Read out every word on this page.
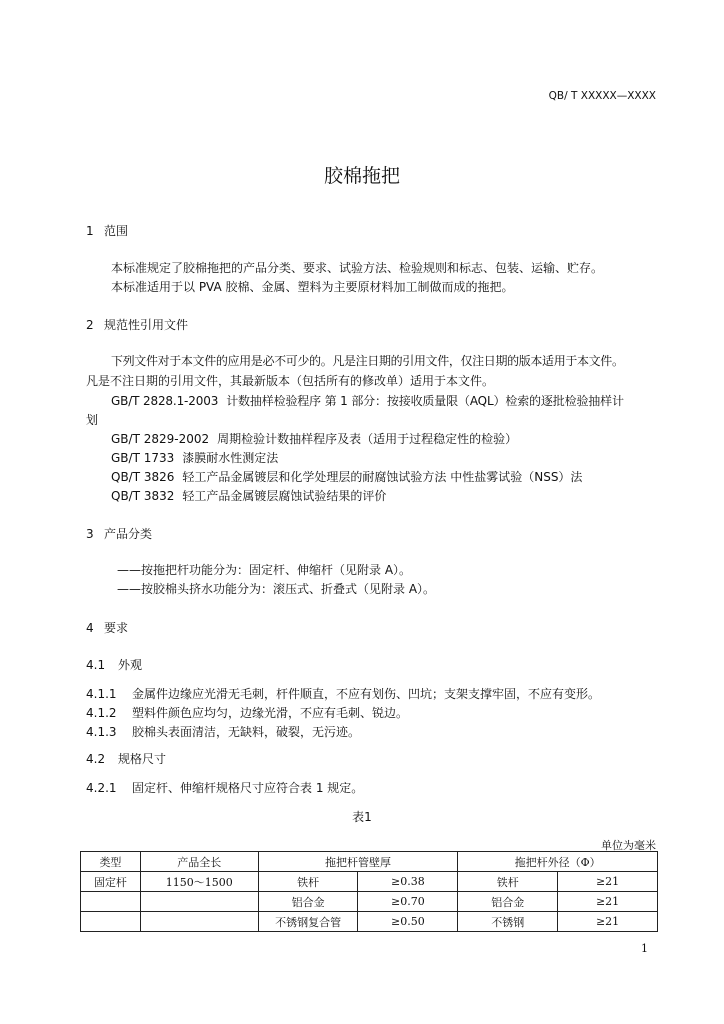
QB/ T XXXXX—XXXX
胶棉拖把
1 范围
本标准规定了胶棉拖把的产品分类、要求、试验方法、检验规则和标志、包装、运输、贮存。
本标准适用于以 PVA 胶棉、金属、塑料为主要原材料加工制做而成的拖把。
2 规范性引用文件
下列文件对于本文件的应用是必不可少的。凡是注日期的引用文件，仅注日期的版本适用于本文件。
凡是不注日期的引用文件，其最新版本（包括所有的修改单）适用于本文件。
GB/T 2828.1-2003 计数抽样检验程序 第 1 部分：按接收质量限（AQL）检索的逐批检验抽样计
划
GB/T 2829-2002 周期检验计数抽样程序及表（适用于过程稳定性的检验）
GB/T 1733 漆膜耐水性测定法
QB/T 3826 轻工产品金属镀层和化学处理层的耐腐蚀试验方法 中性盐雾试验（NSS）法
QB/T 3832 轻工产品金属镀层腐蚀试验结果的评价
3 产品分类
——按拖把杆功能分为：固定杆、伸缩杆（见附录 A）。
——按胶棉头挤水功能分为：滚压式、折叠式（见附录 A）。
4 要求
4.1 外观
4.1.1 金属件边缘应光滑无毛刺，杆件顺直，不应有划伤、凹坑；支架支撑牢固，不应有变形。
4.1.2 塑料件颜色应均匀，边缘光滑，不应有毛刺、锐边。
4.1.3 胶棉头表面清洁，无缺料，破裂，无污迹。
4.2 规格尺寸
4.2.1 固定杆、伸缩杆规格尺寸应符合表 1 规定。
表1
单位为毫米
类型	产品全长	拖把杆管壁厚		拖把杆外径（Φ）	
固定杆	1150～1500	铁杆	≥0.38	铁杆	≥21
		铝合金	≥0.70	铝合金	≥21
		不锈钢复合管	≥0.50	不锈钢	≥21
1
